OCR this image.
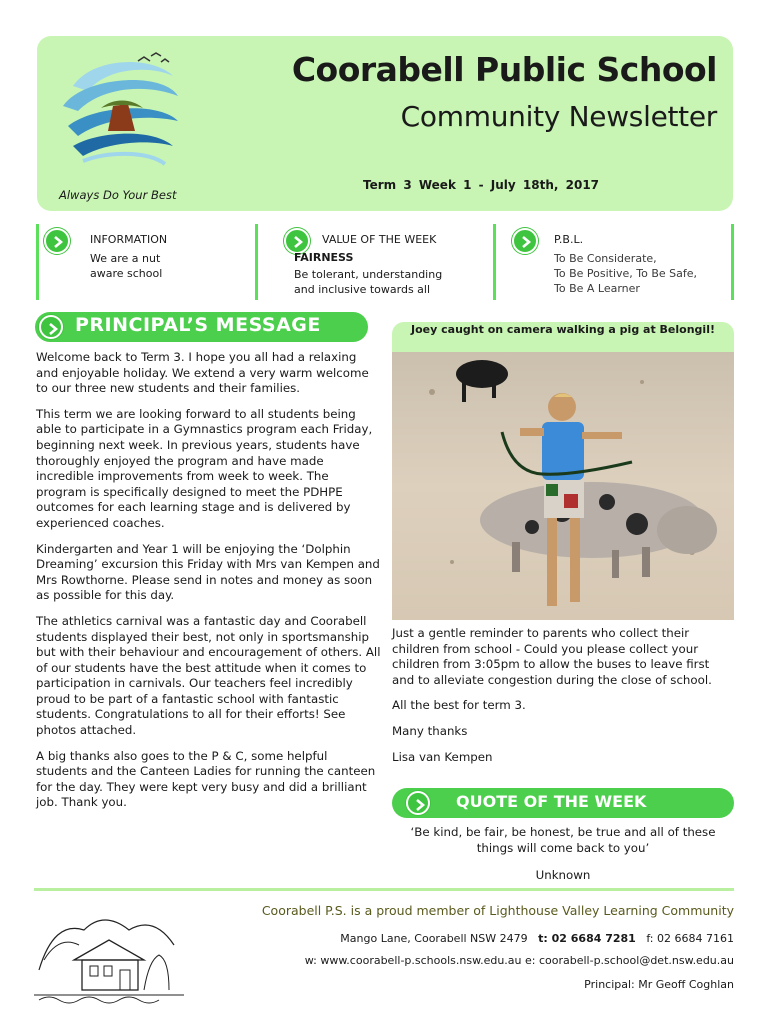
Coorabell Public School
Community Newsletter
Always Do Your Best
Term 3 Week 1 - July 18th, 2017
INFORMATION
We are a nut
aware school
VALUE OF THE WEEK
FAIRNESS
Be tolerant, understanding
and inclusive towards all
P.B.L.
To Be Considerate,
To Be Positive, To Be Safe,
To Be A Learner
PRINCIPAL’S MESSAGE

Welcome back to Term 3. I hope you all had a relaxing and enjoyable holiday. We extend a very warm welcome to our three new students and their families.

This term we are looking forward to all students being able to participate in a Gymnastics program each Friday, beginning next week. In previous years, students have thoroughly enjoyed the program and have made incredible improvements from week to week. The program is specifically designed to meet the PDHPE outcomes for each learning stage and is delivered by experienced coaches.

Kindergarten and Year 1 will be enjoying the ‘Dolphin Dreaming’ excursion this Friday with Mrs van Kempen and Mrs Rowthorne. Please send in notes and money as soon as possible for this day.

The athletics carnival was a fantastic day and Coorabell students displayed their best, not only in sportsmanship but with their behaviour and encouragement of others. All of our students have the best attitude when it comes to participation in carnivals. Our teachers feel incredibly proud to be part of a fantastic school with fantastic students. Congratulations to all for their efforts! See photos attached.

A big thanks also goes to the P & C, some helpful students and the Canteen Ladies for running the canteen for the day. They were kept very busy and did a brilliant job. Thank you.

Joey caught on camera walking a pig at Belongil!

Just a gentle reminder to parents who collect their children from school - Could you please collect your children from 3:05pm to allow the buses to leave first and to alleviate congestion during the close of school.

All the best for term 3.

Many thanks

Lisa van Kempen

QUOTE OF THE WEEK
‘Be kind, be fair, be honest, be true and all of these things will come back to you’
Unknown
Coorabell P.S. is a proud member of Lighthouse Valley Learning Community
Mango Lane, Coorabell NSW 2479 t: 02 6684 7281 f: 02 6684 7161
w: www.coorabell-p.schools.nsw.edu.au e: coorabell-p.school@det.nsw.edu.au
Principal: Mr Geoff Coghlan
